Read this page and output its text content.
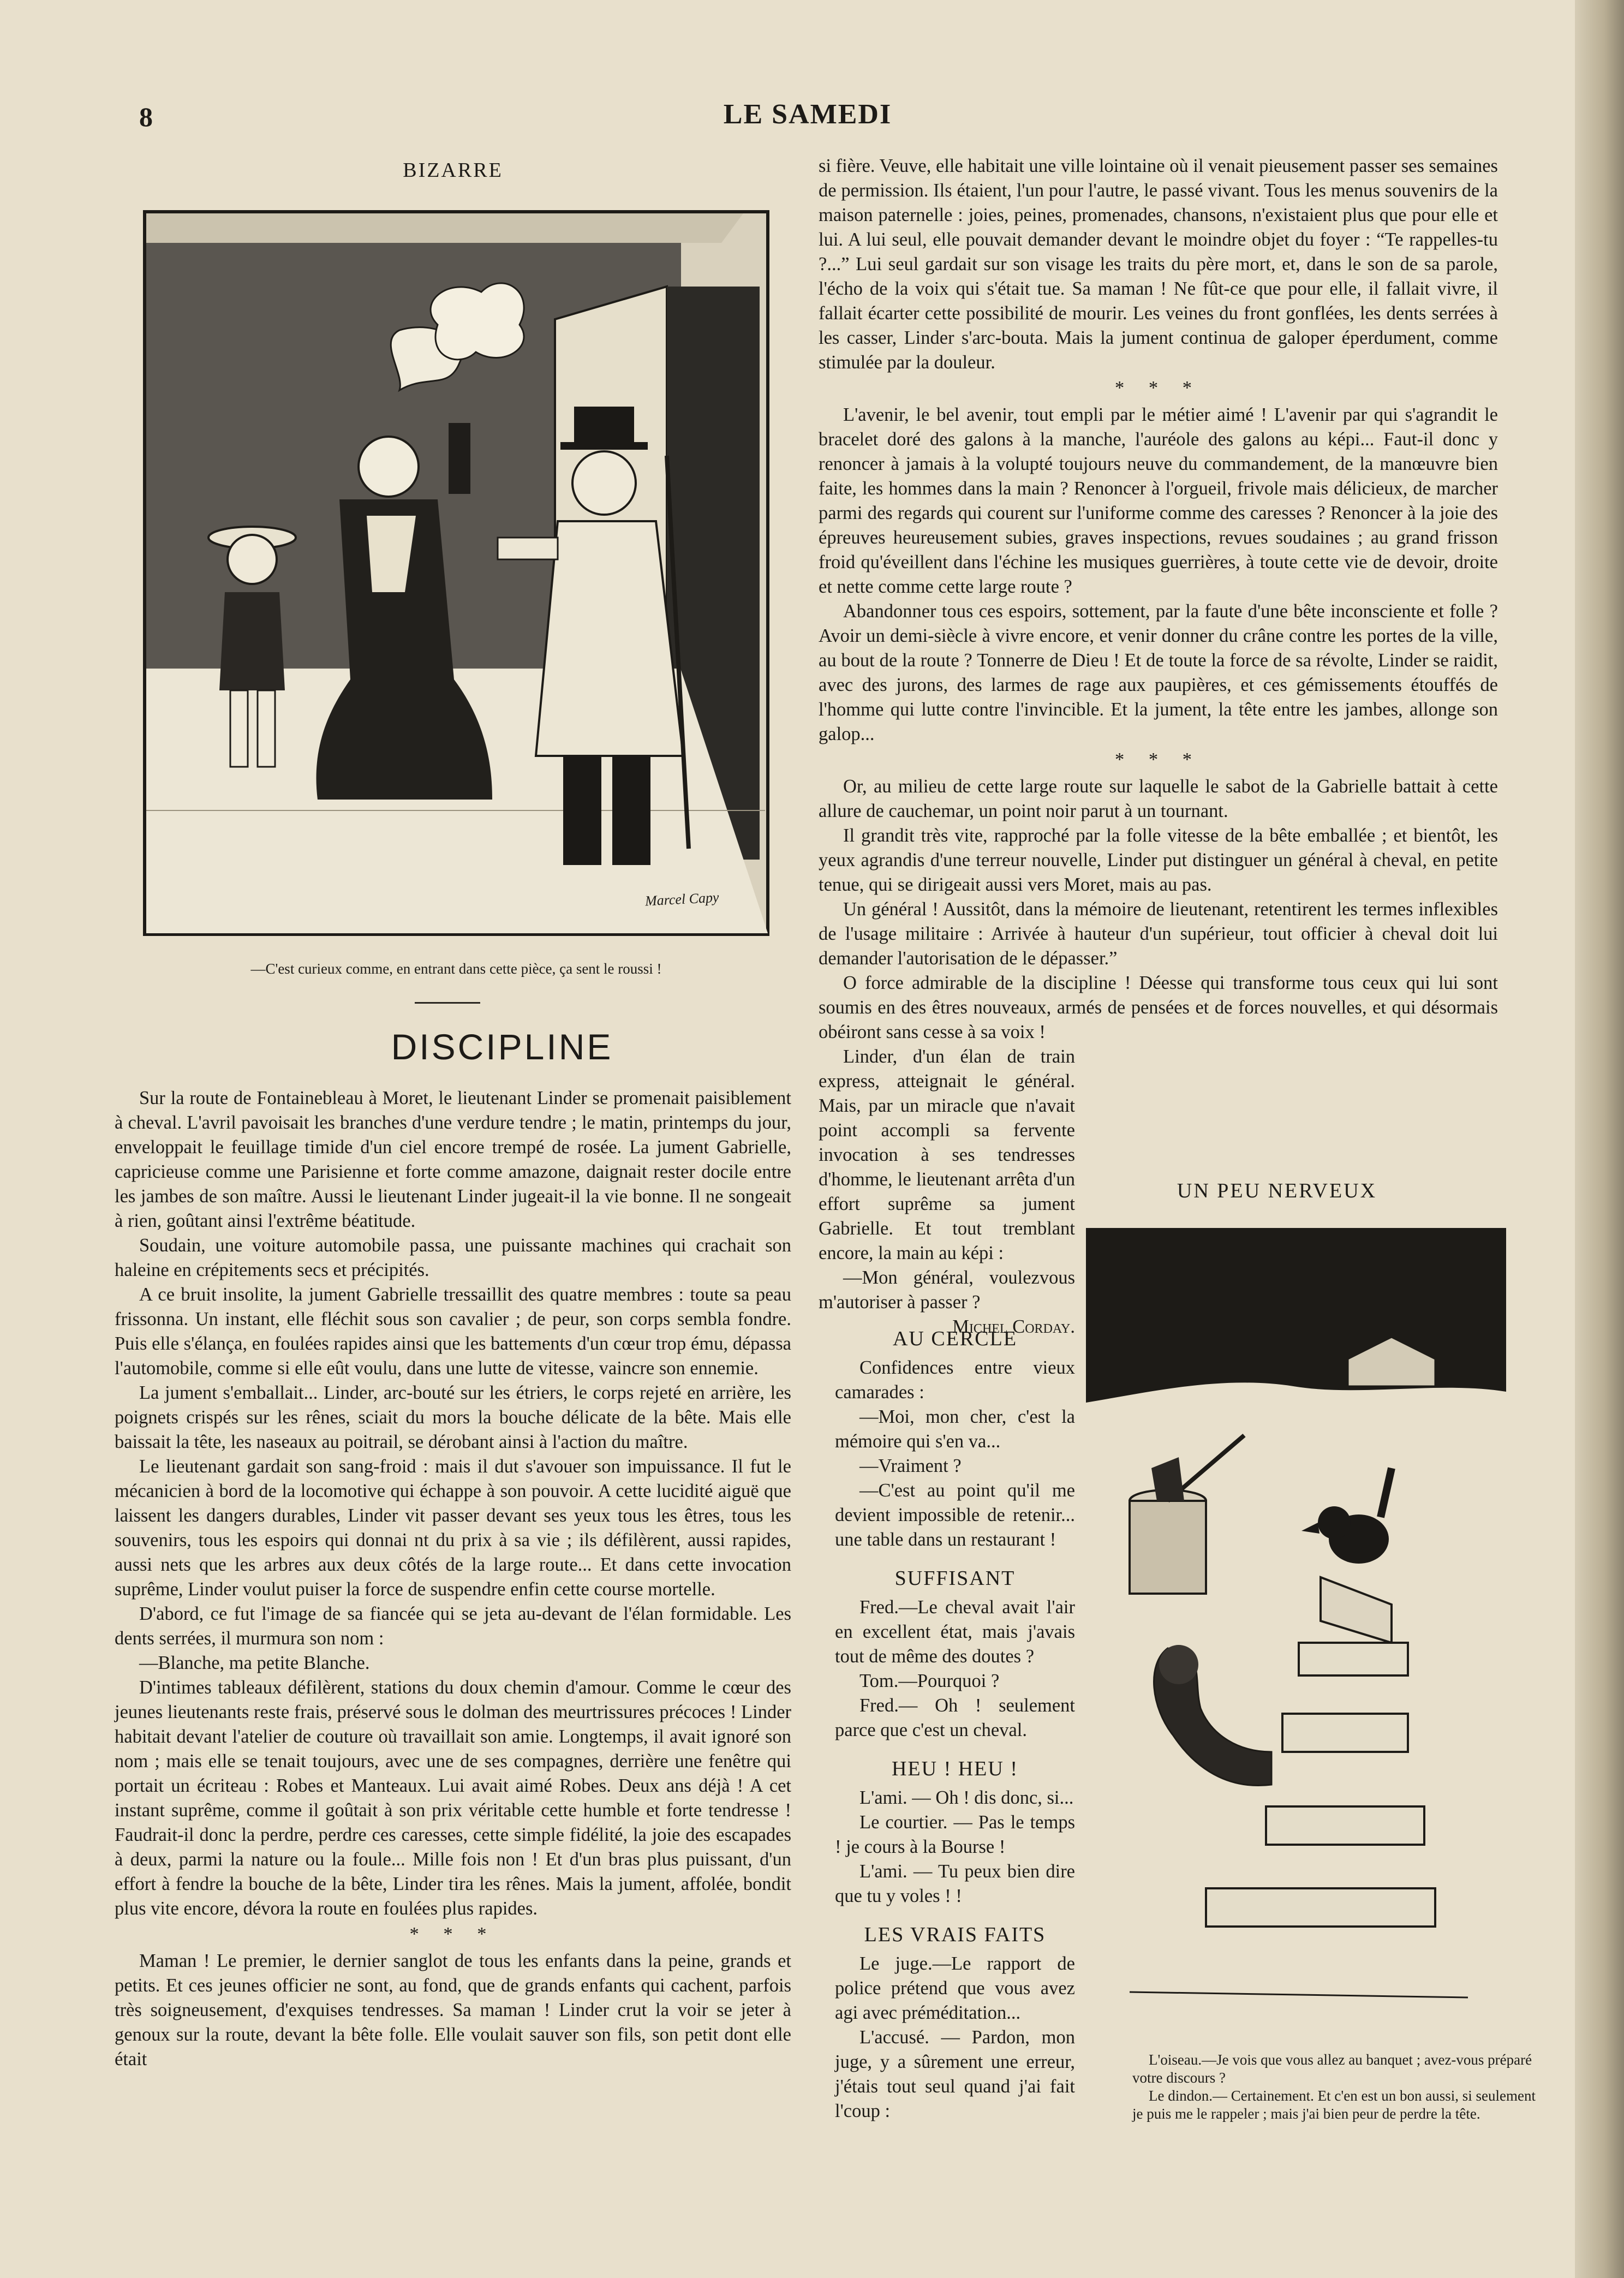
8	LE SAMEDI
BIZARRE
Marcel Capy
—C'est curieux comme, en entrant dans cette pièce, ça sent le roussi !
DISCIPLINE

Sur la route de Fontainebleau à Moret, le lieutenant Linder se promenait paisiblement à cheval. L'avril pavoisait les branches d'une verdure tendre ; le matin, printemps du jour, enveloppait le feuillage timide d'un ciel encore trempé de rosée. La jument Gabrielle, capricieuse comme une Parisienne et forte comme amazone, daignait rester docile entre les jambes de son maître. Aussi le lieutenant Linder jugeait-il la vie bonne. Il ne songeait à rien, goûtant ainsi l'extrême béatitude.

Soudain, une voiture automobile passa, une puissante machines qui crachait son haleine en crépitements secs et précipités.

A ce bruit insolite, la jument Gabrielle tressaillit des quatre membres : toute sa peau frissonna. Un instant, elle fléchit sous son cavalier ; de peur, son corps sembla fondre. Puis elle s'élança, en foulées rapides ainsi que les battements d'un cœur trop ému, dépassa l'automobile, comme si elle eût voulu, dans une lutte de vitesse, vaincre son ennemie.

La jument s'emballait... Linder, arc-bouté sur les étriers, le corps rejeté en arrière, les poignets crispés sur les rênes, sciait du mors la bouche délicate de la bête. Mais elle baissait la tête, les naseaux au poitrail, se dérobant ainsi à l'action du maître.

Le lieutenant gardait son sang-froid : mais il dut s'avouer son impuissance. Il fut le mécanicien à bord de la locomotive qui échappe à son pouvoir. A cette lucidité aiguë que laissent les dangers durables, Linder vit passer devant ses yeux tous les êtres, tous les souvenirs, tous les espoirs qui donnai nt du prix à sa vie ; ils défilèrent, aussi rapides, aussi nets que les arbres aux deux côtés de la large route... Et dans cette invocation suprême, Linder voulut puiser la force de suspendre enfin cette course mortelle.

D'abord, ce fut l'image de sa fiancée qui se jeta au-devant de l'élan formidable. Les dents serrées, il murmura son nom :

—Blanche, ma petite Blanche.

D'intimes tableaux défilèrent, stations du doux chemin d'amour. Comme le cœur des jeunes lieutenants reste frais, préservé sous le dolman des meurtrissures précoces ! Linder habitait devant l'atelier de couture où travaillait son amie. Longtemps, il avait ignoré son nom ; mais elle se tenait toujours, avec une de ses compagnes, derrière une fenêtre qui portait un écriteau : Robes et Manteaux. Lui avait aimé Robes. Deux ans déjà ! A cet instant suprême, comme il goûtait à son prix véritable cette humble et forte tendresse ! Faudrait-il donc la perdre, perdre ces caresses, cette simple fidélité, la joie des escapades à deux, parmi la nature ou la foule... Mille fois non ! Et d'un bras plus puissant, d'un effort à fendre la bouche de la bête, Linder tira les rênes. Mais la jument, affolée, bondit plus vite encore, dévora la route en foulées plus rapides.

* * *

Maman ! Le premier, le dernier sanglot de tous les enfants dans la peine, grands et petits. Et ces jeunes officier ne sont, au fond, que de grands enfants qui cachent, parfois très soigneusement, d'exquises tendresses. Sa maman ! Linder crut la voir se jeter à genoux sur la route, devant la bête folle. Elle voulait sauver son fils, son petit dont elle était

si fière. Veuve, elle habitait une ville lointaine où il venait pieusement passer ses semaines de permission. Ils étaient, l'un pour l'autre, le passé vivant. Tous les menus souvenirs de la maison paternelle : joies, peines, promenades, chansons, n'existaient plus que pour elle et lui. A lui seul, elle pouvait demander devant le moindre objet du foyer : “Te rappelles-tu ?...” Lui seul gardait sur son visage les traits du père mort, et, dans le son de sa parole, l'écho de la voix qui s'était tue. Sa maman ! Ne fût-ce que pour elle, il fallait vivre, il fallait écarter cette possibilité de mourir. Les veines du front gonflées, les dents serrées à les casser, Linder s'arc-bouta. Mais la jument continua de galoper éperdument, comme stimulée par la douleur.

* * *

L'avenir, le bel avenir, tout empli par le métier aimé ! L'avenir par qui s'agrandit le bracelet doré des galons à la manche, l'auréole des galons au képi... Faut-il donc y renoncer à jamais à la volupté toujours neuve du commandement, de la manœuvre bien faite, les hommes dans la main ? Renoncer à l'orgueil, frivole mais délicieux, de marcher parmi des regards qui courent sur l'uniforme comme des caresses ? Renoncer à la joie des épreuves heureusement subies, graves inspections, revues soudaines ; au grand frisson froid qu'éveillent dans l'échine les musiques guerrières, à toute cette vie de devoir, droite et nette comme cette large route ?

Abandonner tous ces espoirs, sottement, par la faute d'une bête inconsciente et folle ? Avoir un demi-siècle à vivre encore, et venir donner du crâne contre les portes de la ville, au bout de la route ? Tonnerre de Dieu ! Et de toute la force de sa révolte, Linder se raidit, avec des jurons, des larmes de rage aux paupières, et ces gémissements étouffés de l'homme qui lutte contre l'invincible. Et la jument, la tête entre les jambes, allonge son galop...

* * *

Or, au milieu de cette large route sur laquelle le sabot de la Gabrielle battait à cette allure de cauchemar, un point noir parut à un tournant.

Il grandit très vite, rapproché par la folle vitesse de la bête emballée ; et bientôt, les yeux agrandis d'une terreur nouvelle, Linder put distinguer un général à cheval, en petite tenue, qui se dirigeait aussi vers Moret, mais au pas.

Un général ! Aussitôt, dans la mémoire de lieutenant, retentirent les termes inflexibles de l'usage militaire : Arrivée à hauteur d'un supérieur, tout officier à cheval doit lui demander l'autorisation de le dépasser.”

O force admirable de la discipline ! Déesse qui transforme tous ceux qui lui sont soumis en des êtres nouveaux, armés de pensées et de forces nouvelles, et qui désormais obéiront sans cesse à sa voix !

Linder, d'un élan de train express, atteignait le général. Mais, par un miracle que n'avait point accompli sa fervente invocation à ses tendresses d'homme, le lieutenant arrêta d'un effort suprême sa jument Gabrielle. Et tout tremblant encore, la main au képi :

—Mon général, voulezvous m'autoriser à passer ?

Michel Corday.
AU CERCLE

Confidences entre vieux camarades :

—Moi, mon cher, c'est la mémoire qui s'en va...

—Vraiment ?

—C'est au point qu'il me devient impossible de retenir... une table dans un restaurant !

SUFFISANT

Fred.—Le cheval avait l'air en excellent état, mais j'avais tout de même des doutes ?

Tom.—Pourquoi ?

Fred.— Oh ! seulement parce que c'est un cheval.

HEU ! HEU !

L'ami. — Oh ! dis donc, si...

Le courtier. — Pas le temps ! je cours à la Bourse !

L'ami. — Tu peux bien dire que tu y voles ! !

LES VRAIS FAITS

Le juge.—Le rapport de police prétend que vous avez agi avec préméditation...

L'accusé. — Pardon, mon juge, y a sûrement une erreur, j'étais tout seul quand j'ai fait l'coup :

UN PEU NERVEUX

L'oiseau.—Je vois que vous allez au banquet ; avez-vous préparé votre discours ?

Le dindon.— Certainement. Et c'en est un bon aussi, si seulement je puis me le rappeler ; mais j'ai bien peur de perdre la tête.
